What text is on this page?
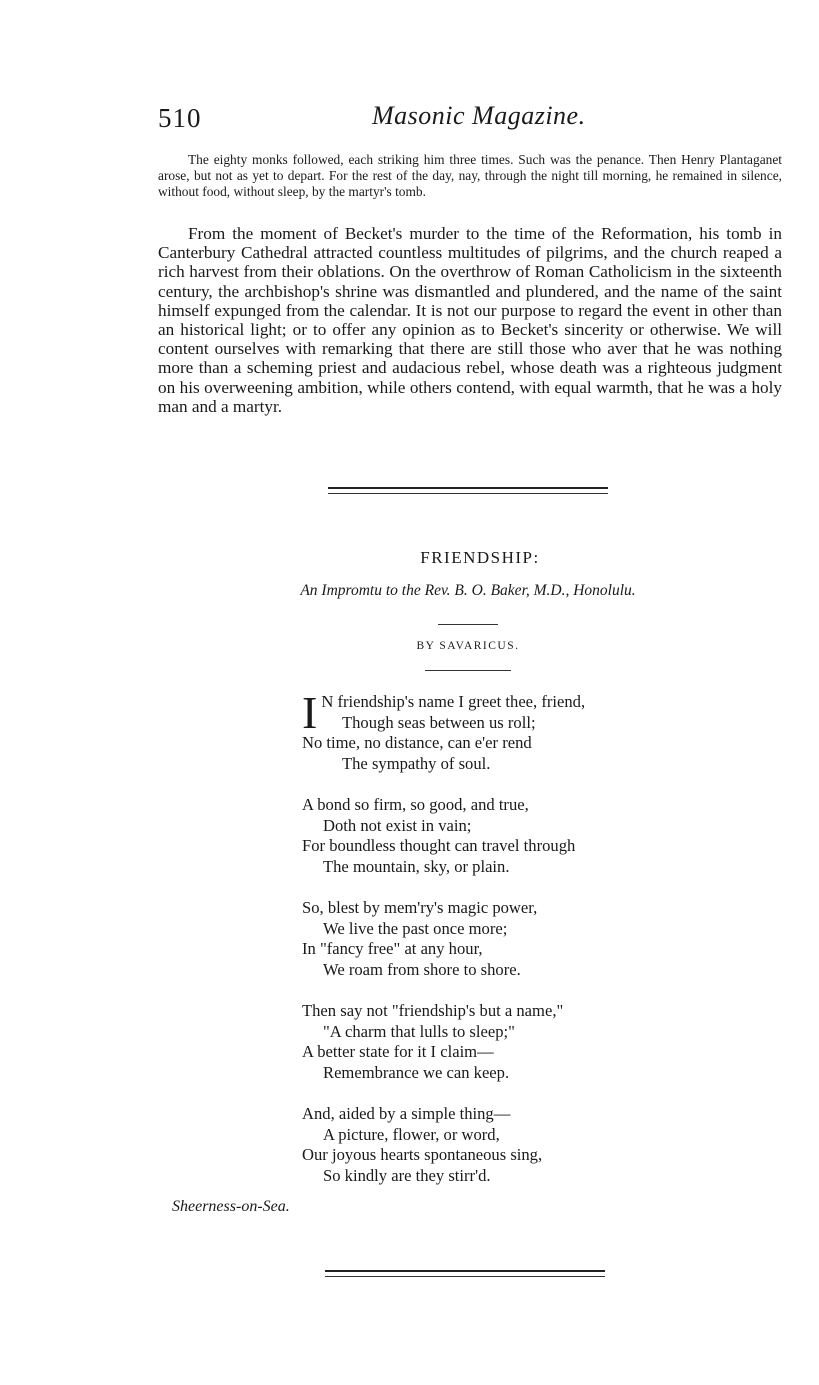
510	Masonic Magazine.

The eighty monks followed, each striking him three times. Such was the penance. Then Henry Plantaganet arose, but not as yet to depart. For the rest of the day, nay, through the night till morning, he remained in silence, without food, without sleep, by the martyr's tomb.

From the moment of Becket's murder to the time of the Reformation, his tomb in Canterbury Cathedral attracted countless multitudes of pilgrims, and the church reaped a rich harvest from their oblations. On the overthrow of Roman Catholicism in the sixteenth century, the archbishop's shrine was dismantled and plundered, and the name of the saint himself expunged from the calendar. It is not our purpose to regard the event in other than an historical light; or to offer any opinion as to Becket's sincerity or otherwise. We will content ourselves with remarking that there are still those who aver that he was nothing more than a scheming priest and audacious rebel, whose death was a righteous judgment on his overweening ambition, while others contend, with equal warmth, that he was a holy man and a martyr.

FRIENDSHIP:
An Impromtu to the Rev. B. O. Baker, M.D., Honolulu.
BY SAVARICUS.
I N friendship's name I greet thee, friend,
Though seas between us roll;
No time, no distance, can e'er rend
The sympathy of soul.
A bond so firm, so good, and true,
Doth not exist in vain;
For boundless thought can travel through
The mountain, sky, or plain.
So, blest by mem'ry's magic power,
We live the past once more;
In "fancy free" at any hour,
We roam from shore to shore.
Then say not "friendship's but a name,"
"A charm that lulls to sleep;"
A better state for it I claim—
Remembrance we can keep.
And, aided by a simple thing—
A picture, flower, or word,
Our joyous hearts spontaneous sing,
So kindly are they stirr'd.
Sheerness-on-Sea.
